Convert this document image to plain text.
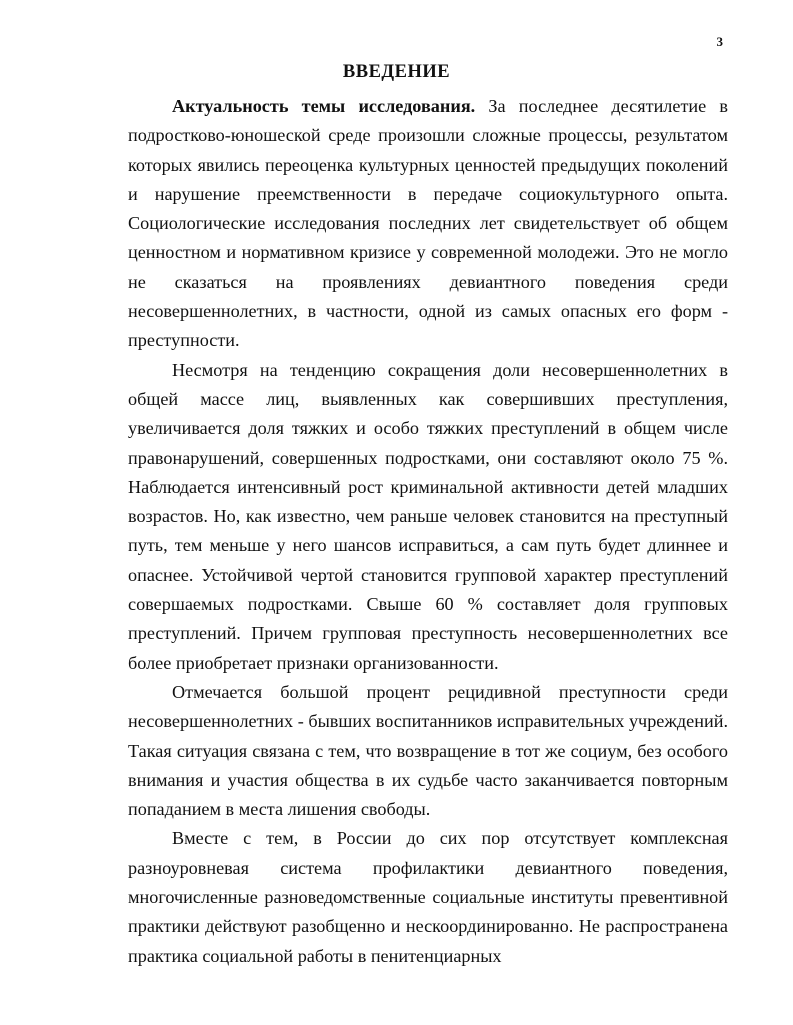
3
ВВЕДЕНИЕ

Актуальность темы исследования. За последнее десятилетие в подростково-юношеской среде произошли сложные процессы, результатом которых явились переоценка культурных ценностей предыдущих поколений и нарушение преемственности в передаче социокультурного опыта. Социологические исследования последних лет свидетельствует об общем ценностном и нормативном кризисе у современной молодежи. Это не могло не сказаться на проявлениях девиантного поведения среди несовершеннолетних, в частности, одной из самых опасных его форм - преступности.

Несмотря на тенденцию сокращения доли несовершеннолетних в общей массе лиц, выявленных как совершивших преступления, увеличивается доля тяжких и особо тяжких преступлений в общем числе правонарушений, совершенных подростками, они составляют около 75 %. Наблюдается интенсивный рост криминальной активности детей младших возрастов. Но, как известно, чем раньше человек становится на преступный путь, тем меньше у него шансов исправиться, а сам путь будет длиннее и опаснее. Устойчивой чертой становится групповой характер преступлений совершаемых подростками. Свыше 60 % составляет доля групповых преступлений. Причем групповая преступность несовершеннолетних все более приобретает признаки организованности.

Отмечается большой процент рецидивной преступности среди несовершеннолетних - бывших воспитанников исправительных учреждений. Такая ситуация связана с тем, что возвращение в тот же социум, без особого внимания и участия общества в их судьбе часто заканчивается повторным попаданием в места лишения свободы.

Вместе с тем, в России до сих пор отсутствует комплексная разноуровневая система профилактики девиантного поведения, многочисленные разноведомственные социальные институты превентивной практики действуют разобщенно и нескоординированно. Не распространена практика социальной работы в пенитенциарных
